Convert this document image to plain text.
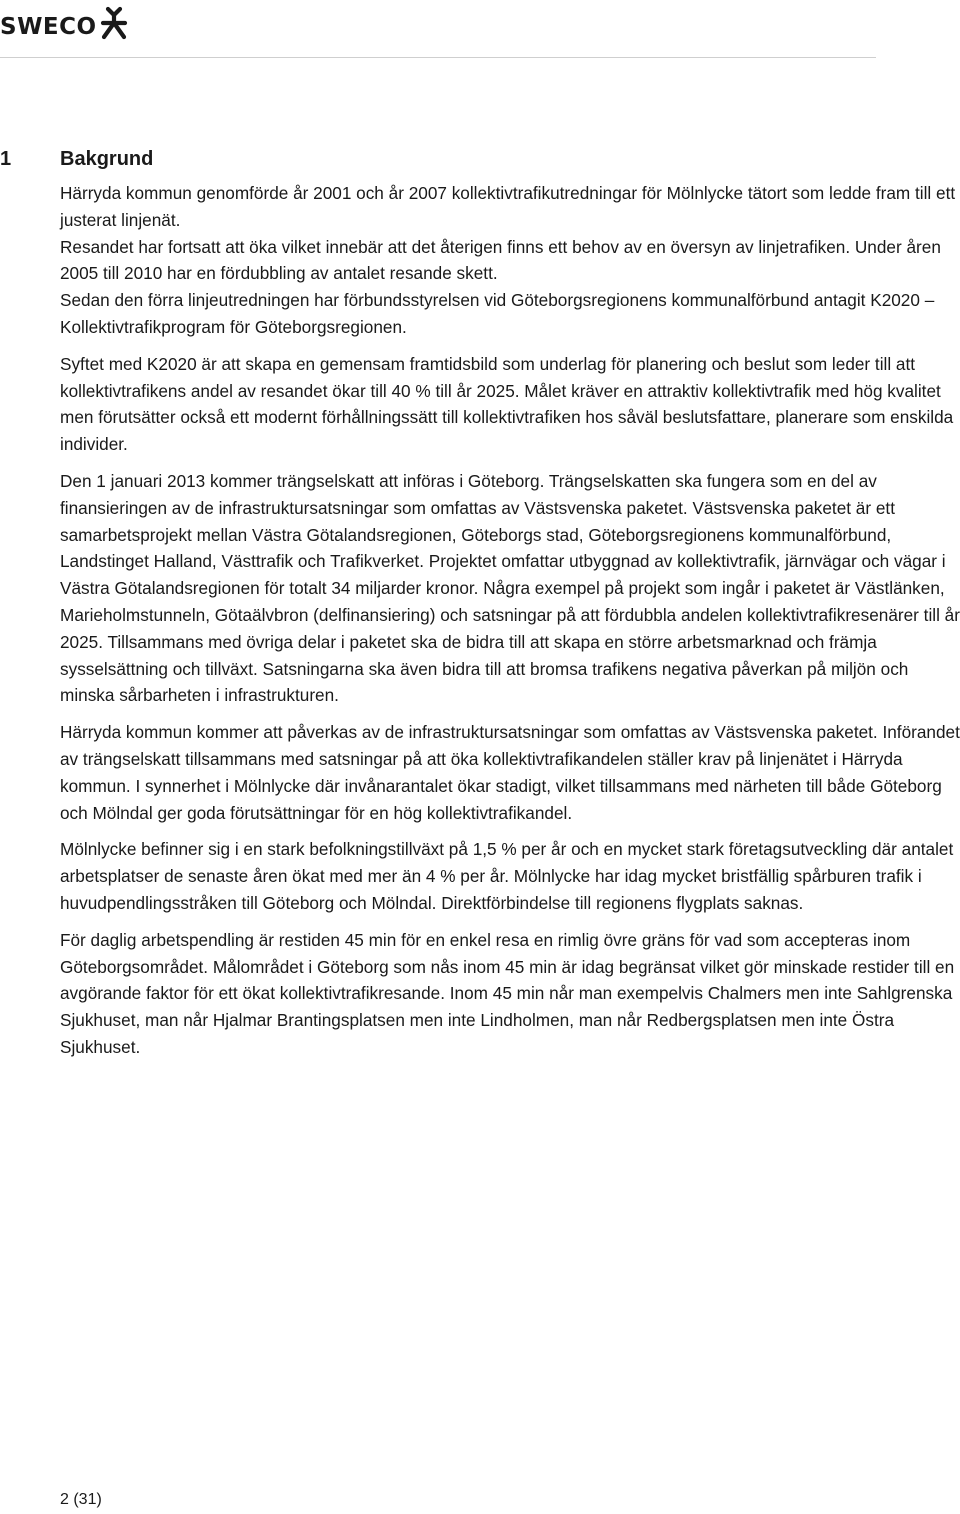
SWECO
1 Bakgrund

Härryda kommun genomförde år 2001 och år 2007 kollektivtrafikutredningar för Mölnlycke tätort som ledde fram till ett justerat linjenät.

Resandet har fortsatt att öka vilket innebär att det återigen finns ett behov av en översyn av linjetrafiken. Under åren 2005 till 2010 har en fördubbling av antalet resande skett.

Sedan den förra linjeutredningen har förbundsstyrelsen vid Göteborgsregionens kommunalförbund antagit K2020 – Kollektivtrafikprogram för Göteborgsregionen.

Syftet med K2020 är att skapa en gemensam framtidsbild som underlag för planering och beslut som leder till att kollektivtrafikens andel av resandet ökar till 40 % till år 2025. Målet kräver en attraktiv kollektivtrafik med hög kvalitet men förutsätter också ett modernt förhållningssätt till kollektivtrafiken hos såväl beslutsfattare, planerare som enskilda individer.

Den 1 januari 2013 kommer trängselskatt att införas i Göteborg. Trängselskatten ska fungera som en del av finansieringen av de infrastruktursatsningar som omfattas av Västsvenska paketet. Västsvenska paketet är ett samarbetsprojekt mellan Västra Götalandsregionen, Göteborgs stad, Göteborgsregionens kommunalförbund, Landstinget Halland, Västtrafik och Trafikverket. Projektet omfattar utbyggnad av kollektivtrafik, järnvägar och vägar i Västra Götalandsregionen för totalt 34 miljarder kronor. Några exempel på projekt som ingår i paketet är Västlänken, Marieholmstunneln, Götaälvbron (delfinansiering) och satsningar på att fördubbla andelen kollektivtrafikresenärer till år 2025. Tillsammans med övriga delar i paketet ska de bidra till att skapa en större arbetsmarknad och främja sysselsättning och tillväxt. Satsningarna ska även bidra till att bromsa trafikens negativa påverkan på miljön och minska sårbarheten i infrastrukturen.

Härryda kommun kommer att påverkas av de infrastruktursatsningar som omfattas av Västsvenska paketet. Införandet av trängselskatt tillsammans med satsningar på att öka kollektivtrafikandelen ställer krav på linjenätet i Härryda kommun. I synnerhet i Mölnlycke där invånarantalet ökar stadigt, vilket tillsammans med närheten till både Göteborg och Mölndal ger goda förutsättningar för en hög kollektivtrafikandel.

Mölnlycke befinner sig i en stark befolkningstillväxt på 1,5 % per år och en mycket stark företagsutveckling där antalet arbetsplatser de senaste åren ökat med mer än 4 % per år. Mölnlycke har idag mycket bristfällig spårburen trafik i huvudpendlingsstråken till Göteborg och Mölndal. Direktförbindelse till regionens flygplats saknas.

För daglig arbetspendling är restiden 45 min för en enkel resa en rimlig övre gräns för vad som accepteras inom Göteborgsområdet. Målområdet i Göteborg som nås inom 45 min är idag begränsat vilket gör minskade restider till en avgörande faktor för ett ökat kollektivtrafikresande. Inom 45 min når man exempelvis Chalmers men inte Sahlgrenska Sjukhuset, man når Hjalmar Brantingsplatsen men inte Lindholmen, man når Redbergsplatsen men inte Östra Sjukhuset.

2 (31)
